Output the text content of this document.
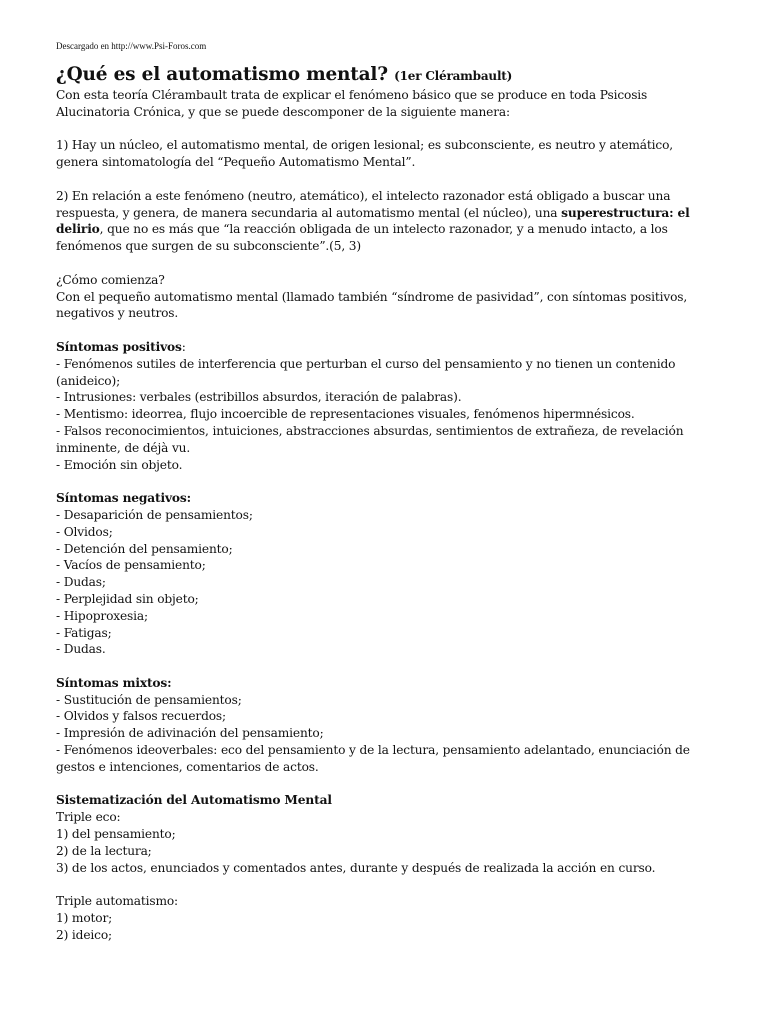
Descargado en http://www.Psi-Foros.com

¿Qué es el automatismo mental? (1er Clérambault)

Con esta teoría Clérambault trata de explicar el fenómeno básico que se produce en toda Psicosis Alucinatoria Crónica, y que se puede descomponer de la siguiente manera:

1) Hay un núcleo, el automatismo mental, de origen lesional; es subconsciente, es neutro y atemático, genera sintomatología del “Pequeño Automatismo Mental”.

2) En relación a este fenómeno (neutro, atemático), el intelecto razonador está obligado a buscar una respuesta, y genera, de manera secundaria al automatismo mental (el núcleo), una superestructura: el delirio, que no es más que “la reacción obligada de un intelecto razonador, y a menudo intacto, a los fenómenos que surgen de su subconsciente”.(5, 3)

¿Cómo comienza?

Con el pequeño automatismo mental (llamado también “síndrome de pasividad”, con síntomas positivos, negativos y neutros.

Síntomas positivos:

- Fenómenos sutiles de interferencia que perturban el curso del pensamiento y no tienen un contenido (anideico);
- Intrusiones: verbales (estribillos absurdos, iteración de palabras).
- Mentismo: ideorrea, flujo incoercible de representaciones visuales, fenómenos hipermnésicos.
- Falsos reconocimientos, intuiciones, abstracciones absurdas, sentimientos de extrañeza, de revelación inminente, de déjà vu.
- Emoción sin objeto.

Síntomas negativos:

- Desaparición de pensamientos;
- Olvidos;
- Detención del pensamiento;
- Vacíos de pensamiento;
- Dudas;
- Perplejidad sin objeto;
- Hipoproxesia;
- Fatigas;
- Dudas.

Síntomas mixtos:

- Sustitución de pensamientos;
- Olvidos y falsos recuerdos;
- Impresión de adivinación del pensamiento;
- Fenómenos ideoverbales: eco del pensamiento y de la lectura, pensamiento adelantado, enunciación de gestos e intenciones, comentarios de actos.

Sistematización del Automatismo Mental

Triple eco:

1) del pensamiento;
2) de la lectura;
3) de los actos, enunciados y comentados antes, durante y después de realizada la acción en curso.

Triple automatismo:

1) motor;
2) ideico;
